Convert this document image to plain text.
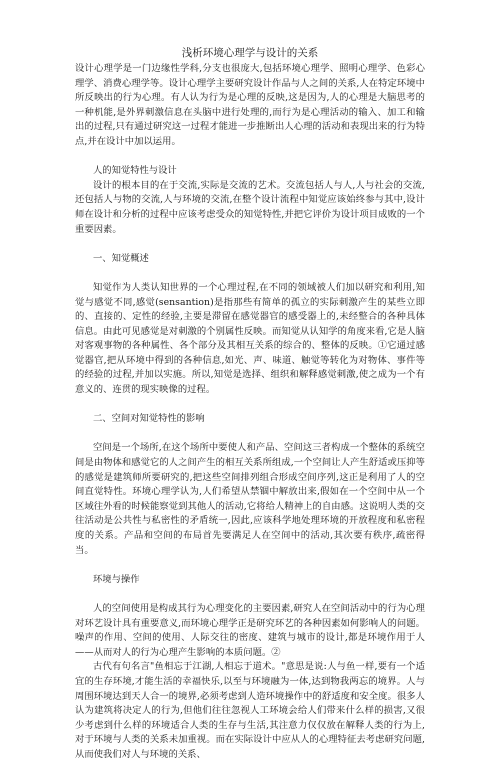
浅析环境心理学与设计的关系

设计心理学是一门边缘性学科,分支也很庞大,包括环境心理学、照明心理学、色彩心理学、消费心理学等。设计心理学主要研究设计作品与人之间的关系,人在特定环境中所反映出的行为心理。有人认为行为是心理的反映,这是因为,人的心理是大脑思考的一种机能,是外界刺激信息在头脑中进行处理的,而行为是心理活动的输入、加工和输出的过程,只有通过研究这一过程才能进一步推断出人心理的活动和表现出来的行为特点,并在设计中加以运用。

人的知觉特性与设计

设计的根本目的在于交流,实际是交流的艺术。交流包括人与人,人与社会的交流,还包括人与物的交流,人与环境的交流,在整个设计流程中知觉应该始终参与其中,设计师在设计和分析的过程中应该考虑受众的知觉特性,并把它评价为设计项目成败的一个重要因素。

一、知觉概述

知觉作为人类认知世界的一个心理过程,在不同的领域被人们加以研究和利用,知觉与感觉不同,感觉(sensantion)是指那些有简单的孤立的实际刺激产生的某些立即的、直接的、定性的经验,主要是滞留在感觉器官的感受器上的,未经整合的各种具体信息。由此可见感觉是对刺激的个别属性反映。而知觉从认知学的角度来看,它是人脑对客观事物的各种属性、各个部分及其相互关系的综合的、整体的反映。①它通过感觉器官,把从环境中得到的各种信息,如光、声、味道、触觉等转化为对物体、事件等的经验的过程,并加以实施。所以,知觉是选择、组织和解释感觉刺激,使之成为一个有意义的、连贯的现实映像的过程。

二、空间对知觉特性的影响

空间是一个场所,在这个场所中要使人和产品、空间这三者构成一个整体的系统空间是由物体和感觉它的人之间产生的相互关系所组成,一个空间让人产生舒适或压抑等的感觉是建筑师所要研究的,把这些空间排列组合形成空间序列,这正是利用了人的空间直觉特性。环境心理学认为,人们希望从禁锢中解放出来,假如在一个空间中从一个区域往外看的时候能察觉到其他人的活动,它将给人精神上的自由感。这说明人类的交往活动是公共性与私密性的矛盾统一,因此,应该科学地处理环境的开放程度和私密程度的关系。产品和空间的布局首先要满足人在空间中的活动,其次要有秩序,疏密得当。

环境与操作

人的空间使用是构成其行为心理变化的主要因素,研究人在空间活动中的行为心理对环艺设计具有重要意义,而环境心理学正是研究环艺的各种因素如何影响人的问题。噪声的作用、空间的使用、人际交往的密度、建筑与城市的设计,都是环境作用于人——从而对人的行为心理产生影响的本质问题。②

古代有句名言"鱼相忘于江湖,人相忘于道术。"意思是说:人与鱼一样,要有一个适宜的生存环境,才能生活的幸福快乐,以至与环境融为一体,达到物我两忘的境界。人与周围环境达到天人合一的境界,必须考虑到人造环境操作中的舒适度和安全度。很多人认为建筑将决定人的行为,但他们往往忽视人工环境会给人们带来什么样的损害,又很少考虑到什么样的环境适合人类的生存与生活,其注意力仅仅放在解释人类的行为上,对于环境与人类的关系未加重视。而在实际设计中应从人的心理特征去考虑研究问题,从而使我们对人与环境的关系、
